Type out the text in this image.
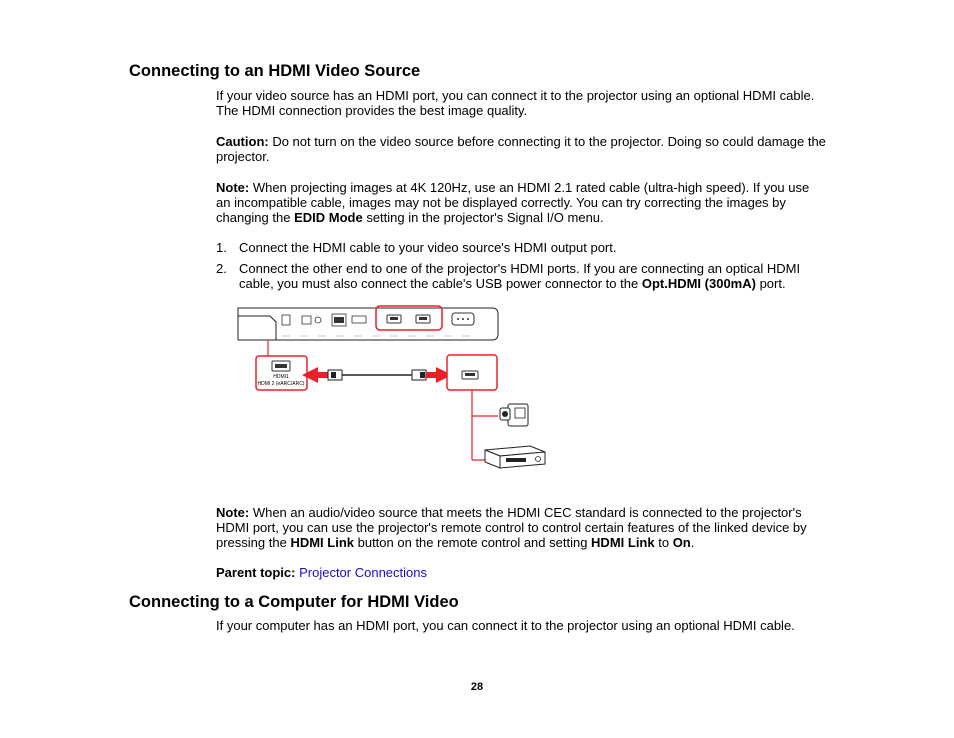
Connecting to an HDMI Video Source

If your video source has an HDMI port, you can connect it to the projector using an optional HDMI cable. The HDMI connection provides the best image quality.

Caution: Do not turn on the video source before connecting it to the projector. Doing so could damage the projector.

Note: When projecting images at 4K 120Hz, use an HDMI 2.1 rated cable (ultra-high speed). If you use an incompatible cable, images may not be displayed correctly. You can try correcting the images by changing the EDID Mode setting in the projector's Signal I/O menu.

1. Connect the HDMI cable to your video source's HDMI output port.
2. Connect the other end to one of the projector's HDMI ports. If you are connecting an optical HDMI cable, you must also connect the cable's USB power connector to the Opt.HDMI (300mA) port.
HDMI1
HDMI 2 (eARC/ARC)

Note: When an audio/video source that meets the HDMI CEC standard is connected to the projector's HDMI port, you can use the projector's remote control to control certain features of the linked device by pressing the HDMI Link button on the remote control and setting HDMI Link to On.

Parent topic: Projector Connections

Connecting to a Computer for HDMI Video

If your computer has an HDMI port, you can connect it to the projector using an optional HDMI cable.

28
